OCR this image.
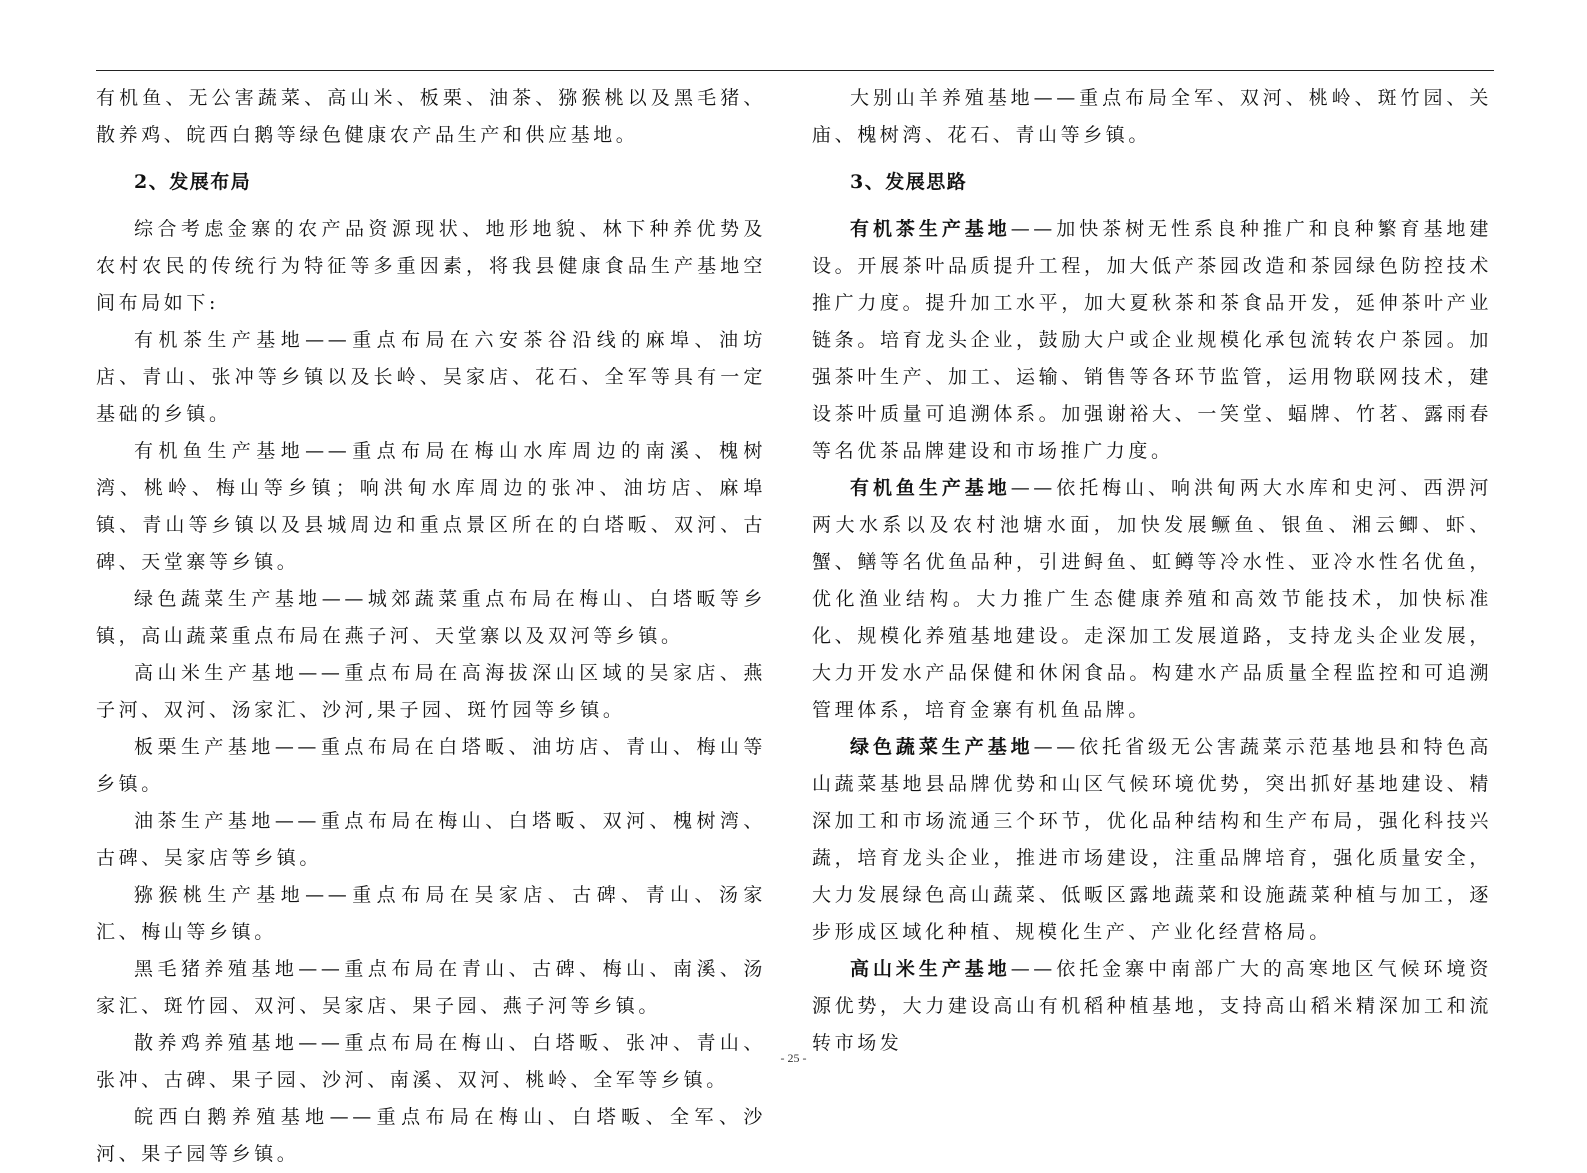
有机鱼、无公害蔬菜、高山米、板栗、油茶、猕猴桃以及黑毛猪、散养鸡、皖西白鹅等绿色健康农产品生产和供应基地。

2、发展布局

综合考虑金寨的农产品资源现状、地形地貌、林下种养优势及农村农民的传统行为特征等多重因素，将我县健康食品生产基地空间布局如下:

有机茶生产基地——重点布局在六安茶谷沿线的麻埠、油坊店、青山、张冲等乡镇以及长岭、吴家店、花石、全军等具有一定基础的乡镇。

有机鱼生产基地——重点布局在梅山水库周边的南溪、槐树湾、桃岭、梅山等乡镇；响洪甸水库周边的张冲、油坊店、麻埠镇、青山等乡镇以及县城周边和重点景区所在的白塔畈、双河、古碑、天堂寨等乡镇。

绿色蔬菜生产基地——城郊蔬菜重点布局在梅山、白塔畈等乡镇，高山蔬菜重点布局在燕子河、天堂寨以及双河等乡镇。

高山米生产基地——重点布局在高海拔深山区域的吴家店、燕子河、双河、汤家汇、沙河,果子园、斑竹园等乡镇。

板栗生产基地——重点布局在白塔畈、油坊店、青山、梅山等乡镇。

油茶生产基地——重点布局在梅山、白塔畈、双河、槐树湾、古碑、吴家店等乡镇。

猕猴桃生产基地——重点布局在吴家店、古碑、青山、汤家汇、梅山等乡镇。

黑毛猪养殖基地——重点布局在青山、古碑、梅山、南溪、汤家汇、斑竹园、双河、吴家店、果子园、燕子河等乡镇。

散养鸡养殖基地——重点布局在梅山、白塔畈、张冲、青山、张冲、古碑、果子园、沙河、南溪、双河、桃岭、全军等乡镇。

皖西白鹅养殖基地——重点布局在梅山、白塔畈、全军、沙河、果子园等乡镇。

大别山羊养殖基地——重点布局全军、双河、桃岭、斑竹园、关庙、槐树湾、花石、青山等乡镇。

3、发展思路

有机茶生产基地——加快茶树无性系良种推广和良种繁育基地建设。开展茶叶品质提升工程，加大低产茶园改造和茶园绿色防控技术推广力度。提升加工水平，加大夏秋茶和茶食品开发，延伸茶叶产业链条。培育龙头企业，鼓励大户或企业规模化承包流转农户茶园。加强茶叶生产、加工、运输、销售等各环节监管，运用物联网技术，建设茶叶质量可追溯体系。加强谢裕大、一笑堂、蝠牌、竹茗、露雨春等名优茶品牌建设和市场推广力度。

有机鱼生产基地——依托梅山、响洪甸两大水库和史河、西淠河两大水系以及农村池塘水面，加快发展鳜鱼、银鱼、湘云鲫、虾、蟹、鳝等名优鱼品种，引进鲟鱼、虹鳟等冷水性、亚冷水性名优鱼，优化渔业结构。大力推广生态健康养殖和高效节能技术，加快标准化、规模化养殖基地建设。走深加工发展道路，支持龙头企业发展，大力开发水产品保健和休闲食品。构建水产品质量全程监控和可追溯管理体系，培育金寨有机鱼品牌。

绿色蔬菜生产基地——依托省级无公害蔬菜示范基地县和特色高山蔬菜基地县品牌优势和山区气候环境优势，突出抓好基地建设、精深加工和市场流通三个环节，优化品种结构和生产布局，强化科技兴蔬，培育龙头企业，推进市场建设，注重品牌培育，强化质量安全，大力发展绿色高山蔬菜、低畈区露地蔬菜和设施蔬菜种植与加工，逐步形成区域化种植、规模化生产、产业化经营格局。

高山米生产基地——依托金寨中南部广大的高寒地区气候环境资源优势，大力建设高山有机稻种植基地，支持高山稻米精深加工和流转市场发

- 25 -
